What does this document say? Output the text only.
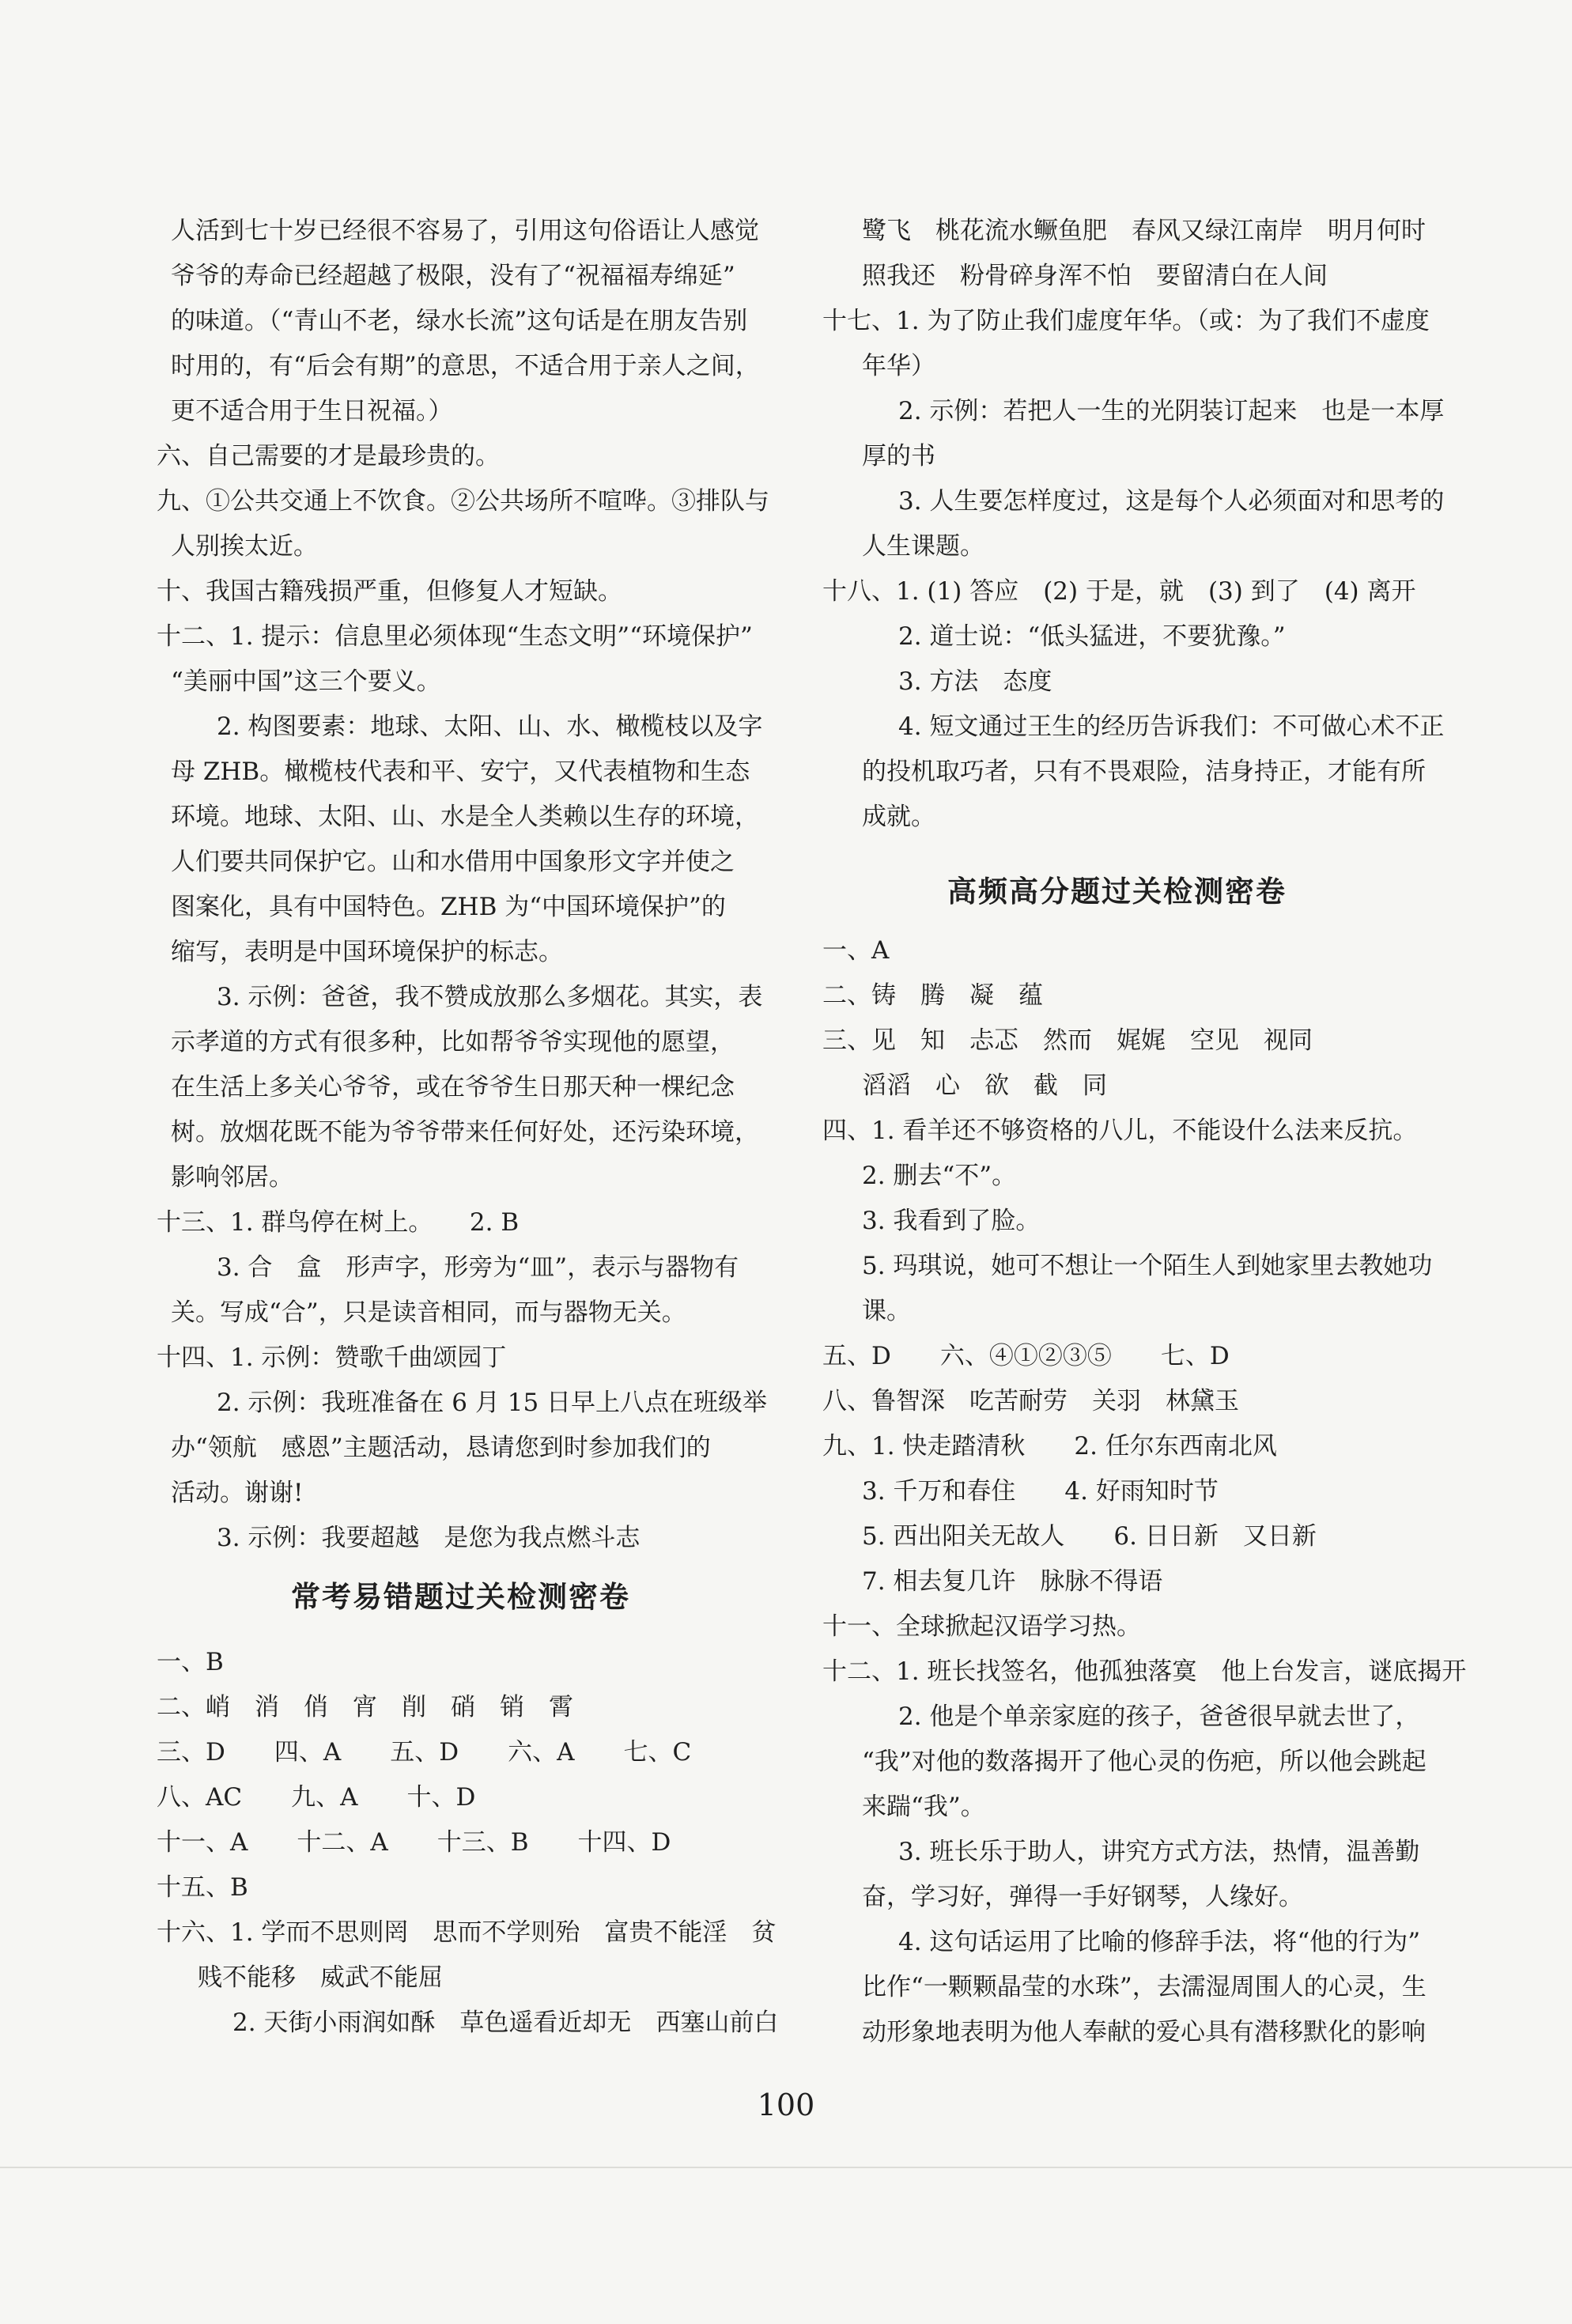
人活到七十岁已经很不容易了，引用这句俗语让人感觉
爷爷的寿命已经超越了极限，没有了“祝福福寿绵延”
的味道。（“青山不老，绿水长流”这句话是在朋友告别
时用的，有“后会有期”的意思，不适合用于亲人之间，
更不适合用于生日祝福。）
六、自己需要的才是最珍贵的。
九、①公共交通上不饮食。②公共场所不喧哗。③排队与
人别挨太近。
十、我国古籍残损严重，但修复人才短缺。
十二、1. 提示：信息里必须体现“生态文明”“环境保护”
“美丽中国”这三个要义。
2. 构图要素：地球、太阳、山、水、橄榄枝以及字
母 ZHB。橄榄枝代表和平、安宁，又代表植物和生态
环境。地球、太阳、山、水是全人类赖以生存的环境，
人们要共同保护它。山和水借用中国象形文字并使之
图案化，具有中国特色。ZHB 为“中国环境保护”的
缩写，表明是中国环境保护的标志。
3. 示例：爸爸，我不赞成放那么多烟花。其实，表
示孝道的方式有很多种，比如帮爷爷实现他的愿望，
在生活上多关心爷爷，或在爷爷生日那天种一棵纪念
树。放烟花既不能为爷爷带来任何好处，还污染环境，
影响邻居。
十三、1. 群鸟停在树上。　　2. B
3. 合　盒　形声字，形旁为“皿”，表示与器物有
关。写成“合”，只是读音相同，而与器物无关。
十四、1. 示例：赞歌千曲颂园丁
2. 示例：我班准备在 6 月 15 日早上八点在班级举
办“领航　感恩”主题活动，恳请您到时参加我们的
活动。谢谢!
3. 示例：我要超越　是您为我点燃斗志
常考易错题过关检测密卷
一、B
二、峭　消　俏　宵　削　硝　销　霄
三、D　　四、A　　五、D　　六、A　　七、C
八、AC　　九、A　　十、D
十一、A　　十二、A　　十三、B　　十四、D
十五、B
十六、1. 学而不思则罔　思而不学则殆　富贵不能淫　贫
贱不能移　威武不能屈
2. 天街小雨润如酥　草色遥看近却无　西塞山前白
鹭飞　桃花流水鳜鱼肥　春风又绿江南岸　明月何时
照我还　粉骨碎身浑不怕　要留清白在人间
十七、1. 为了防止我们虚度年华。（或：为了我们不虚度
年华）
2. 示例：若把人一生的光阴装订起来　也是一本厚
厚的书
3. 人生要怎样度过，这是每个人必须面对和思考的
人生课题。
十八、1. (1) 答应　(2) 于是，就　(3) 到了　(4) 离开
2. 道士说：“低头猛进，不要犹豫。”
3. 方法　态度
4. 短文通过王生的经历告诉我们：不可做心术不正
的投机取巧者，只有不畏艰险，洁身持正，才能有所
成就。
高频高分题过关检测密卷
一、A
二、铸　腾　凝　蕴
三、见　知　忐忑　然而　娓娓　空见　视同
滔滔　心　欲　截　同
四、1. 看羊还不够资格的八儿，不能设什么法来反抗。
2. 删去“不”。
3. 我看到了脸。
5. 玛琪说，她可不想让一个陌生人到她家里去教她功
课。
五、D　　六、④①②③⑤　　七、D
八、鲁智深　吃苦耐劳　关羽　林黛玉
九、1. 快走踏清秋　　2. 任尔东西南北风
3. 千万和春住　　4. 好雨知时节
5. 西出阳关无故人　　6. 日日新　又日新
7. 相去复几许　脉脉不得语
十一、全球掀起汉语学习热。
十二、1. 班长找签名，他孤独落寞　他上台发言，谜底揭开
2. 他是个单亲家庭的孩子，爸爸很早就去世了，
“我”对他的数落揭开了他心灵的伤疤，所以他会跳起
来踹“我”。
3. 班长乐于助人，讲究方式方法，热情，温善勤
奋，学习好，弹得一手好钢琴，人缘好。
4. 这句话运用了比喻的修辞手法，将“他的行为”
比作“一颗颗晶莹的水珠”，去濡湿周围人的心灵，生
动形象地表明为他人奉献的爱心具有潜移默化的影响
100
